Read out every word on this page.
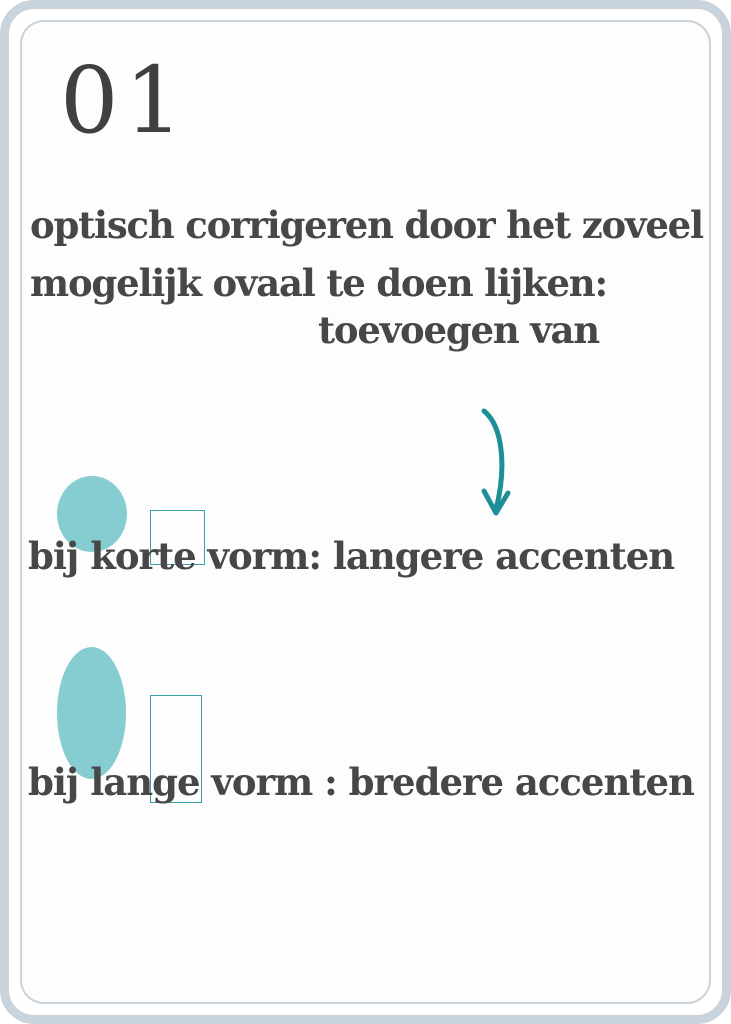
01
optisch corrigeren door het zoveel
mogelijk ovaal te doen lijken:
toevoegen van
bij korte vorm: langere accenten
bij lange vorm : bredere accenten
